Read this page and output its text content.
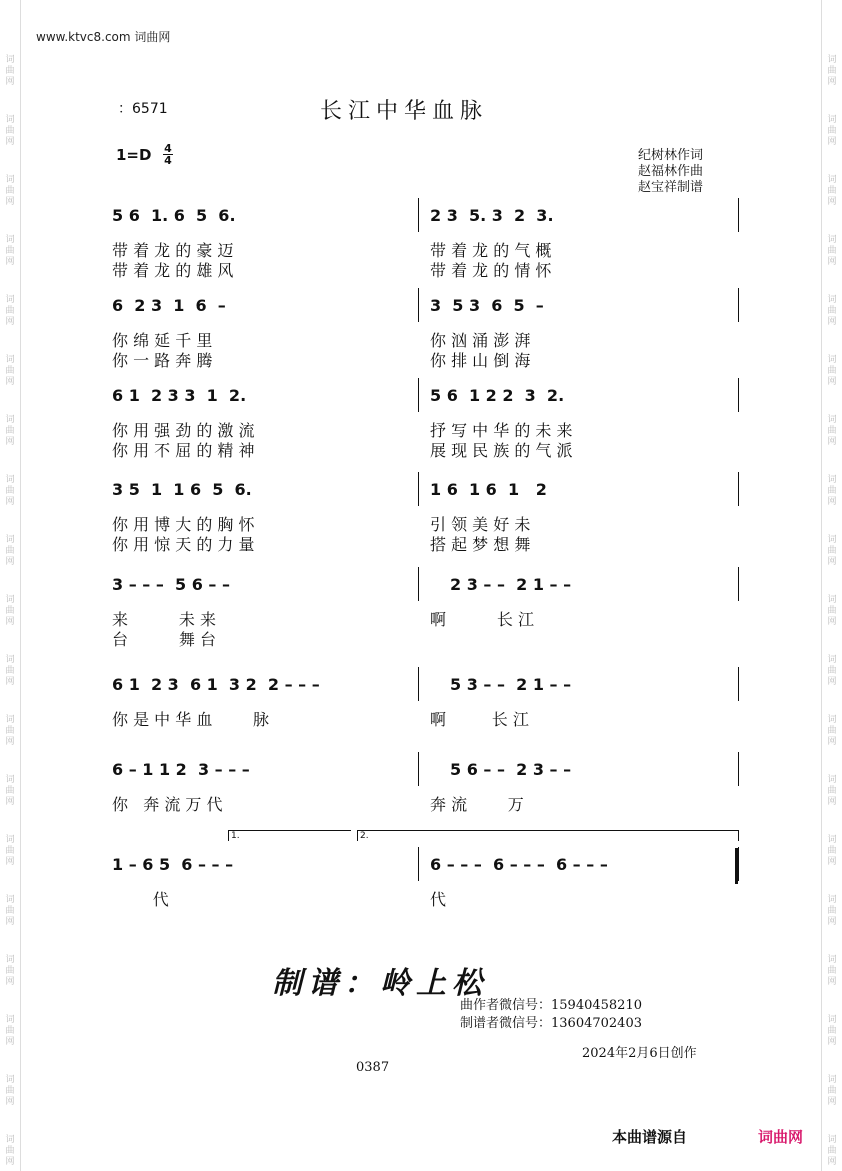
词曲网
词曲网
词曲网
词曲网
词曲网
词曲网
词曲网
词曲网
词曲网
词曲网
词曲网
词曲网
词曲网
词曲网
词曲网
词曲网
词曲网
词曲网
词曲网
词曲网
词曲网
词曲网
词曲网
词曲网
词曲网
词曲网
词曲网
词曲网
词曲网
词曲网
词曲网
词曲网
词曲网
词曲网
词曲网
词曲网
词曲网
词曲网
www.ktvc8.com 词曲网
：6571	长江中华血脉
1=D 4
4	纪树林作词
赵福林作曲
赵宝祥制谱
5 6  1. 6  5  6.	2 3  5. 3  2  3.
带 着 龙 的 豪 迈	带 着 龙 的 气 概
带 着 龙 的 雄 风	带 着 龙 的 情 怀
6  2 3  1  6  –	3  5 3  6  5  –
你 绵 延 千 里	你 汹 涌 澎 湃
你 一 路 奔 腾	你 排 山 倒 海
6 1  2 3 3  1  2.	5 6  1 2 2  3  2.
你 用 强 劲 的 激 流	抒 写 中 华 的 未 来
你 用 不 屈 的 精 神	展 现 民 族 的 气 派
3 5  1  1 6  5  6.	1 6  1 6  1   2
你 用 博 大 的 胸 怀	引 领 美 好 未
你 用 惊 天 的 力 量	搭 起 梦 想 舞
3 – – –  5 6 – –	2 3 – –  2 1 – –
来          未 来	啊          长 江
台          舞 台
6 1  2 3  6 1  3 2  2 – – –	5 3 – –  2 1 – –
你 是 中 华 血        脉	啊         长 江
6 – 1 1 2  3 – – –	5 6 – –  2 3 – –
你   奔 流 万 代	奔 流        万
1 – 6 5  6 – – –	6 – – –  6 – – –  6 – – –
代	代
1.	2.
制谱：岭上松
曲作者微信号：15940458210
制谱者微信号：13604702403
2024年2月6日创作
0387
本曲谱源自	词曲网
